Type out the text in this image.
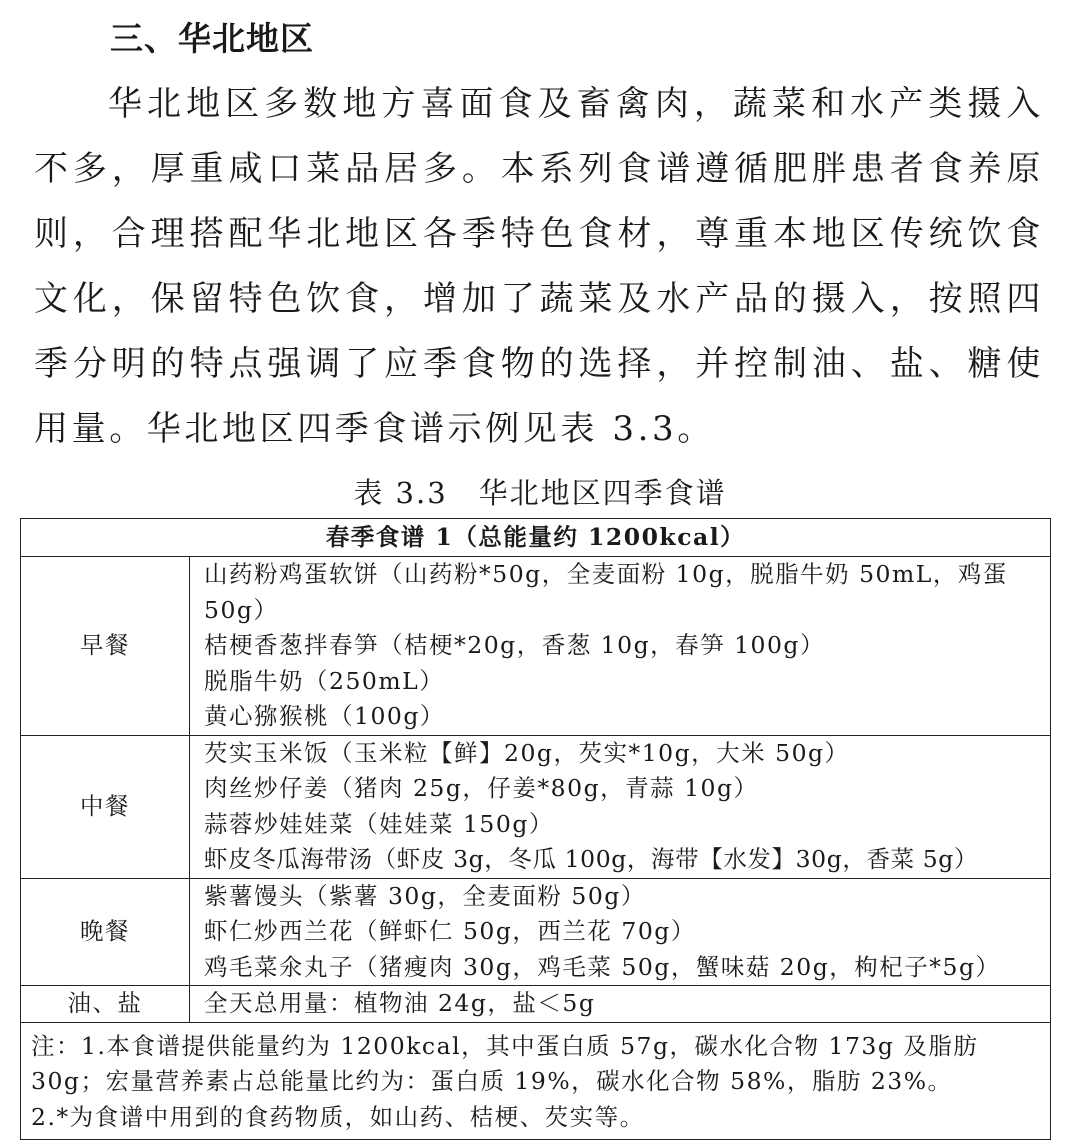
三、华北地区

华北地区多数地方喜面食及畜禽肉，蔬菜和水产类摄入不多，厚重咸口菜品居多。本系列食谱遵循肥胖患者食养原则，合理搭配华北地区各季特色食材，尊重本地区传统饮食文化，保留特色饮食，增加了蔬菜及水产品的摄入，按照四季分明的特点强调了应季食物的选择，并控制油、盐、糖使用量。华北地区四季食谱示例见表 3.3。

表 3.3　华北地区四季食谱
春季食谱 1（总能量约 1200kcal）	
早餐	山药粉鸡蛋软饼（山药粉*50g，全麦面粉 10g，脱脂牛奶 50mL，鸡蛋 50g）
桔梗香葱拌春笋（桔梗*20g，香葱 10g，春笋 100g）
脱脂牛奶（250mL）
黄心猕猴桃（100g）

中餐	芡实玉米饭（玉米粒【鲜】20g，芡实*10g，大米 50g）
肉丝炒仔姜（猪肉 25g，仔姜*80g，青蒜 10g）
蒜蓉炒娃娃菜（娃娃菜 150g）
虾皮冬瓜海带汤（虾皮 3g，冬瓜 100g，海带【水发】30g，香菜 5g）

晚餐	紫薯馒头（紫薯 30g，全麦面粉 50g）
虾仁炒西兰花（鲜虾仁 50g，西兰花 70g）
鸡毛菜氽丸子（猪瘦肉 30g，鸡毛菜 50g，蟹味菇 20g，枸杞子*5g）

油、盐	全天总用量：植物油 24g，盐＜5g

注：1.本食谱提供能量约为 1200kcal，其中蛋白质 57g，碳水化合物 173g 及脂肪 30g；宏量营养素占总能量比约为：蛋白质 19%，碳水化合物 58%，脂肪 23%。
2.*为食谱中用到的食药物质，如山药、桔梗、芡实等。	
